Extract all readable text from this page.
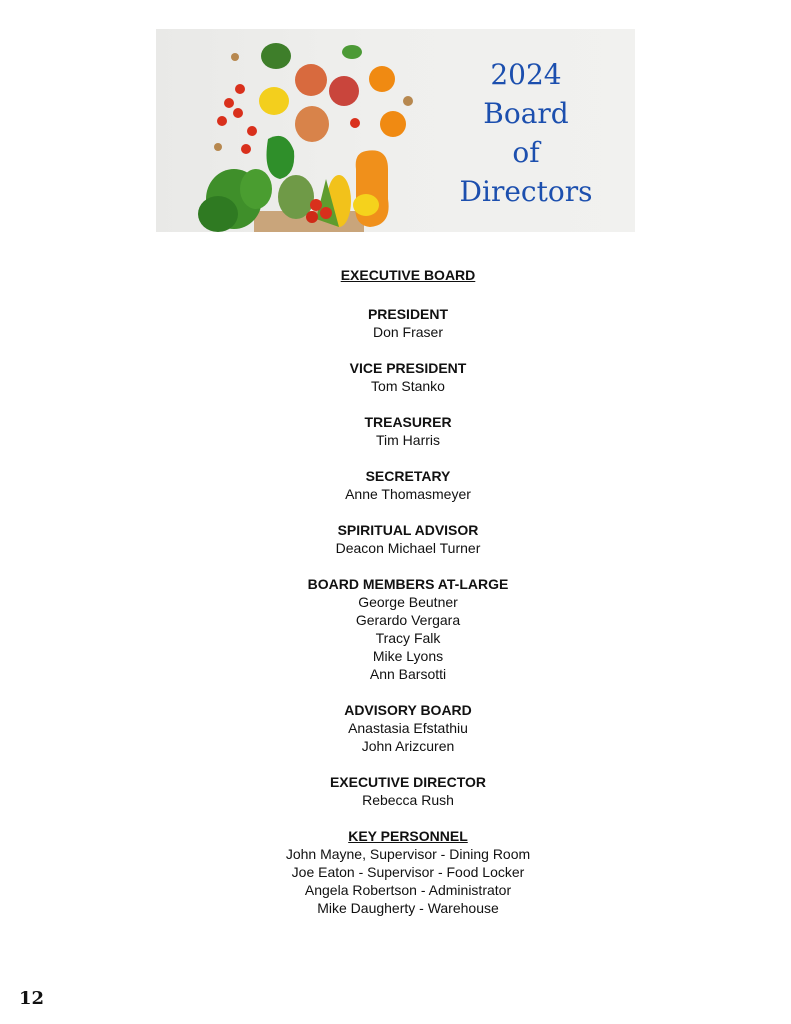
2024
Board
of
Directors
EXECUTIVE BOARD
PRESIDENT
Don Fraser
VICE PRESIDENT
Tom Stanko
TREASURER
Tim Harris
SECRETARY
Anne Thomasmeyer
SPIRITUAL ADVISOR
Deacon Michael Turner
BOARD MEMBERS AT-LARGE
George Beutner
Gerardo Vergara
Tracy Falk
Mike Lyons
Ann Barsotti
ADVISORY BOARD
Anastasia Efstathiu
John Arizcuren
EXECUTIVE DIRECTOR
Rebecca Rush
KEY PERSONNEL
John Mayne, Supervisor - Dining Room
Joe Eaton - Supervisor - Food Locker
Angela Robertson - Administrator
Mike Daugherty - Warehouse
12
